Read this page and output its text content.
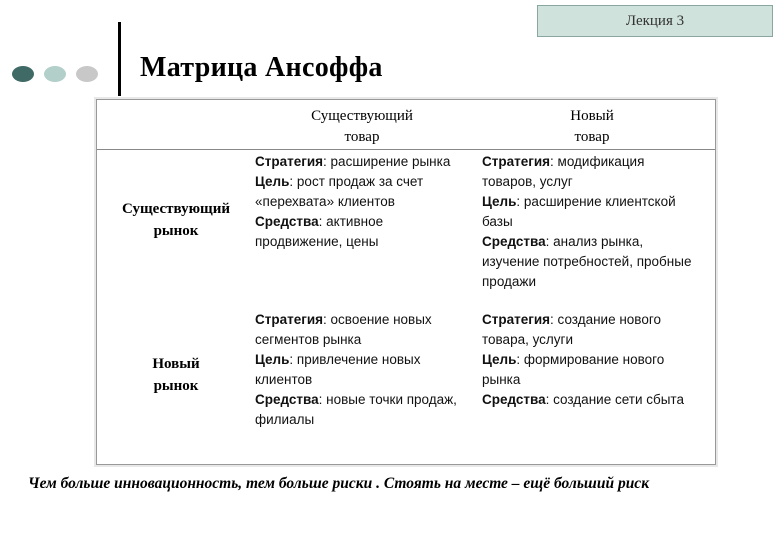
Лекция 3
Матрица Ансоффа
Существующий
товар
Новый
товар
Существующий
рынок
Новый
рынок
Стратегия: расширение рынка
Цель: рост продаж за счет
«перехвата» клиентов
Средства: активное
продвижение, цены
Стратегия: модификация
товаров, услуг
Цель: расширение клиентской
базы
Средства: анализ рынка,
изучение потребностей, пробные
продажи
Стратегия: освоение новых
сегментов рынка
Цель: привлечение новых
клиентов
Средства: новые точки продаж,
филиалы
Стратегия: создание нового
товара, услуги
Цель: формирование нового
рынка
Средства: создание сети сбыта
Чем больше инновационность, тем больше риски . Стоять на месте – ещё больший риск
